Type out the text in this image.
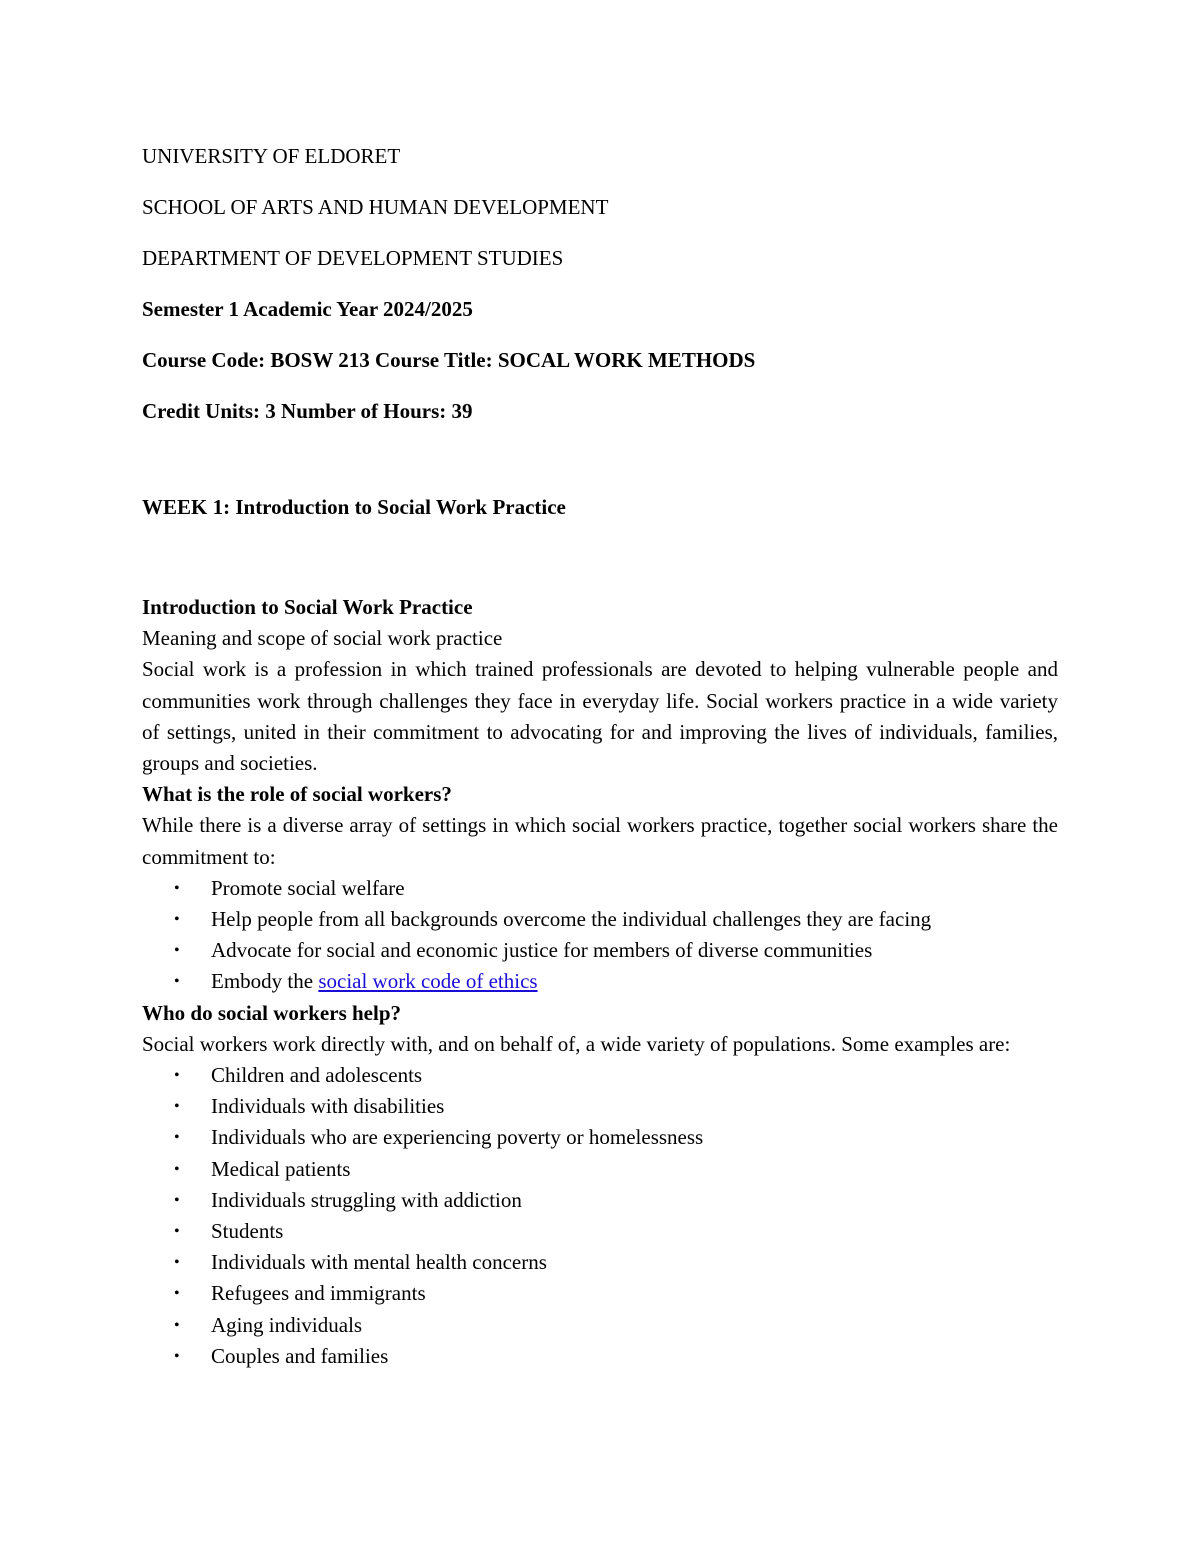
UNIVERSITY OF ELDORET

SCHOOL OF ARTS AND HUMAN DEVELOPMENT

DEPARTMENT OF DEVELOPMENT STUDIES

Semester 1 Academic Year 2024/2025

Course Code: BOSW 213 Course Title: SOCAL WORK METHODS

Credit Units: 3 Number of Hours: 39

WEEK 1: Introduction to Social Work Practice

Introduction to Social Work Practice

Meaning and scope of social work practice

Social work is a profession in which trained professionals are devoted to helping vulnerable people and communities work through challenges they face in everyday life. Social workers practice in a wide variety of settings, united in their commitment to advocating for and improving the lives of individuals, families, groups and societies.

What is the role of social workers?

While there is a diverse array of settings in which social workers practice, together social workers share the commitment to:

• Promote social welfare
• Help people from all backgrounds overcome the individual challenges they are facing
• Advocate for social and economic justice for members of diverse communities
• Embody the social work code of ethics

Who do social workers help?

Social workers work directly with, and on behalf of, a wide variety of populations. Some examples are:

• Children and adolescents
• Individuals with disabilities
• Individuals who are experiencing poverty or homelessness
• Medical patients
• Individuals struggling with addiction
• Students
• Individuals with mental health concerns
• Refugees and immigrants
• Aging individuals
• Couples and families
